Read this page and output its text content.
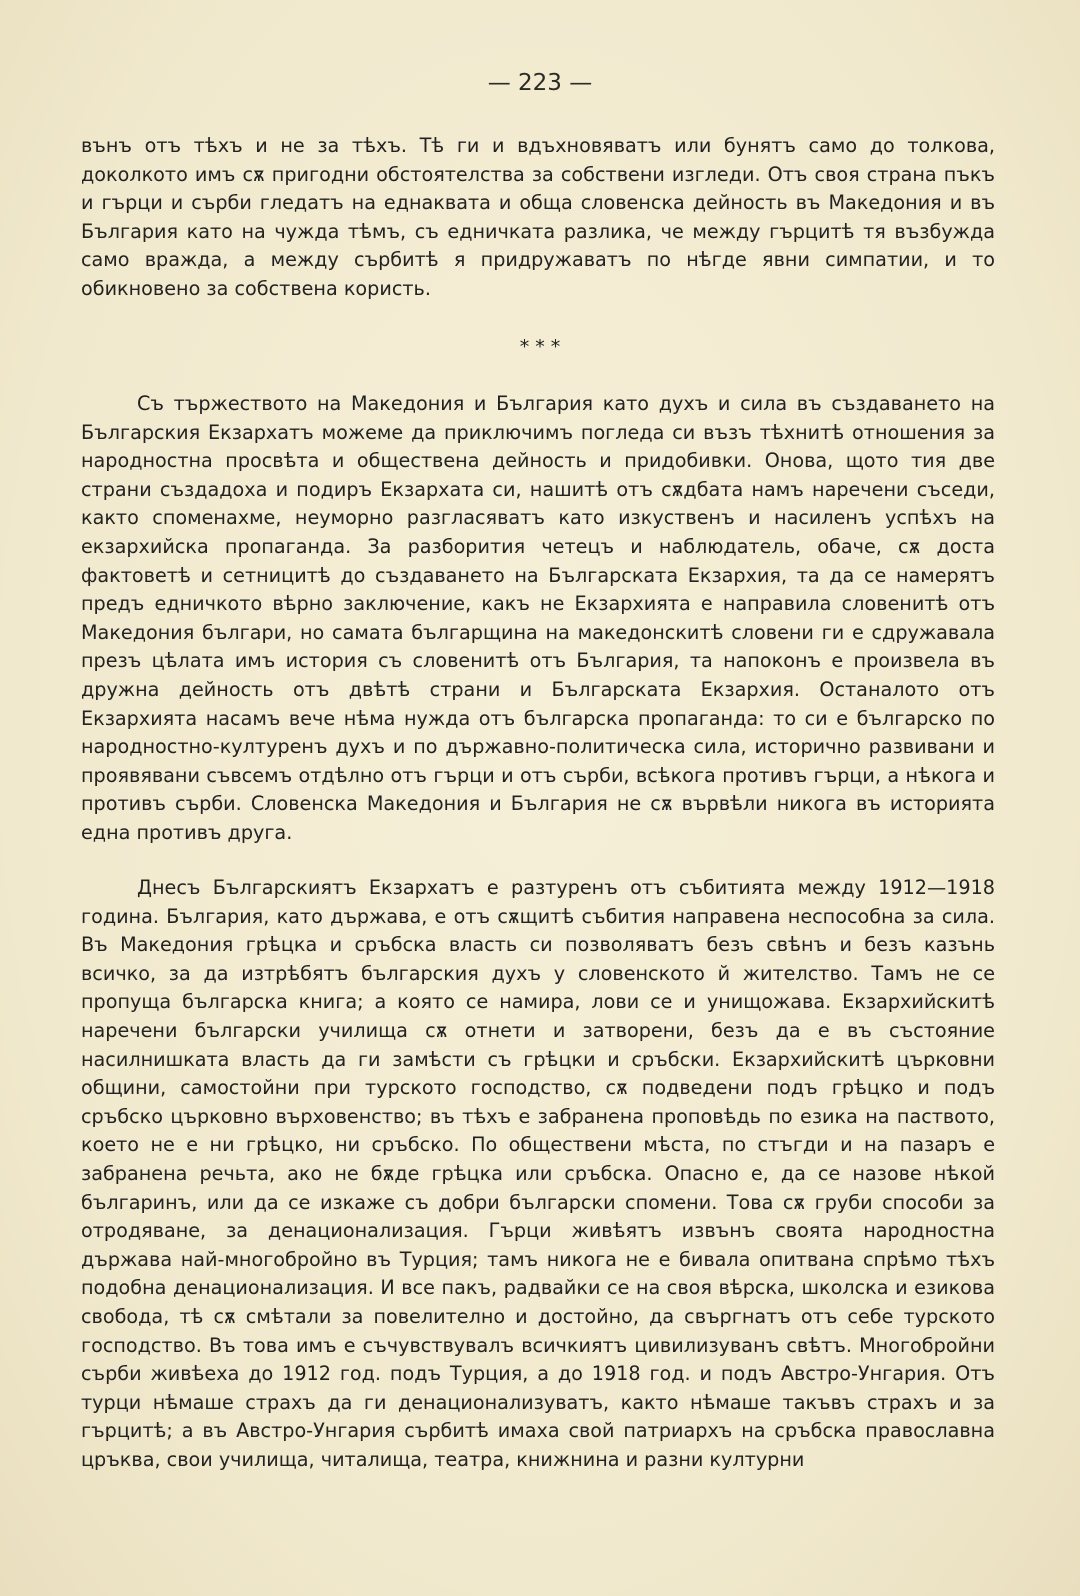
— 223 —

вънъ отъ тѣхъ и не за тѣхъ. Тѣ ги и вдъхновяватъ или бунятъ само до толкова, доколкото имъ сѫ пригодни обстоятелства за собствени изгледи. Отъ своя страна пъкъ и гърци и сърби гледатъ на еднаквата и обща словенска дейность въ Македония и въ България като на чужда тѣмъ, съ едничката разлика, че между гърцитѣ тя възбужда само вражда, а между сърбитѣ я придружаватъ по нѣгде явни симпатии, и то обикновено за собствена користь.

* * *

Съ тържеството на Македония и България като духъ и сила въ създаването на Българския Екзархатъ можеме да приключимъ погледа си възъ тѣхнитѣ отношения за народностна просвѣта и обществена дейность и придобивки. Онова, щото тия две страни създадоха и подиръ Екзархата си, нашитѣ отъ сѫдбата намъ наречени съседи, както споменахме, неуморно разгласяватъ като изкуственъ и насиленъ успѣхъ на екзархийска пропаганда. За разборития четецъ и наблюдатель, обаче, сѫ доста фактоветѣ и сетницитѣ до създаването на Българската Екзархия, та да се намерятъ предъ едничкото вѣрно заключение, какъ не Екзархията е направила словенитѣ отъ Македония българи, но самата българщина на македонскитѣ словени ги е сдружавала презъ цѣлата имъ история съ словенитѣ отъ България, та напоконъ е произвела въ дружна дейность отъ двѣтѣ страни и Българската Екзархия. Останалото отъ Екзархията насамъ вече нѣма нужда отъ българска пропаганда: то си е българско по народностно-културенъ духъ и по държавно-политическа сила, исторично развивани и проявявани съвсемъ отдѣлно отъ гърци и отъ сърби, всѣкога противъ гърци, а нѣкога и противъ сърби. Словенска Македония и България не сѫ вървѣли никога въ историята една противъ друга.

Днесъ Българскиятъ Екзархатъ е разтуренъ отъ събитията между 1912—1918 година. България, като държава, е отъ сѫщитѣ събития направена неспособна за сила. Въ Македония грѣцка и сръбска власть си позволяватъ безъ свѣнъ и безъ казънь всичко, за да изтрѣбятъ българския духъ у словенското й жителство. Тамъ не се пропуща българска книга; а която се намира, лови се и унищожава. Екзархийскитѣ наречени български училища сѫ отнети и затворени, безъ да е въ състояние насилнишката власть да ги замѣсти съ грѣцки и сръбски. Екзархийскитѣ църковни общини, самостойни при турското господство, сѫ подведени подъ грѣцко и подъ сръбско църковно върховенство; въ тѣхъ е забранена проповѣдь по езика на паството, което не е ни грѣцко, ни сръбско. По обществени мѣста, по стъгди и на пазаръ е забранена речьта, ако не бѫде грѣцка или сръбска. Опасно е, да се назове нѣкой българинъ, или да се изкаже съ добри български спомени. Това сѫ груби способи за отродяване, за денационализация. Гърци живѣятъ извънъ своята народностна държава най-многобройно въ Турция; тамъ никога не е бивала опитвана спрѣмо тѣхъ подобна денационализация. И все пакъ, радвайки се на своя вѣрска, школска и езикова свобода, тѣ сѫ смѣтали за повелително и достойно, да свъргнатъ отъ себе турското господство. Въ това имъ е съчувствувалъ всичкиятъ цивилизуванъ свѣтъ. Многобройни сърби живѣеха до 1912 год. подъ Турция, а до 1918 год. и подъ Австро-Унгария. Отъ турци нѣмаше страхъ да ги денационализуватъ, както нѣмаше такъвъ страхъ и за гърцитѣ; а въ Австро-Унгария сърбитѣ имаха свой патриархъ на сръбска православна цръква, свои училища, читалища, театра, книжнина и разни културни
